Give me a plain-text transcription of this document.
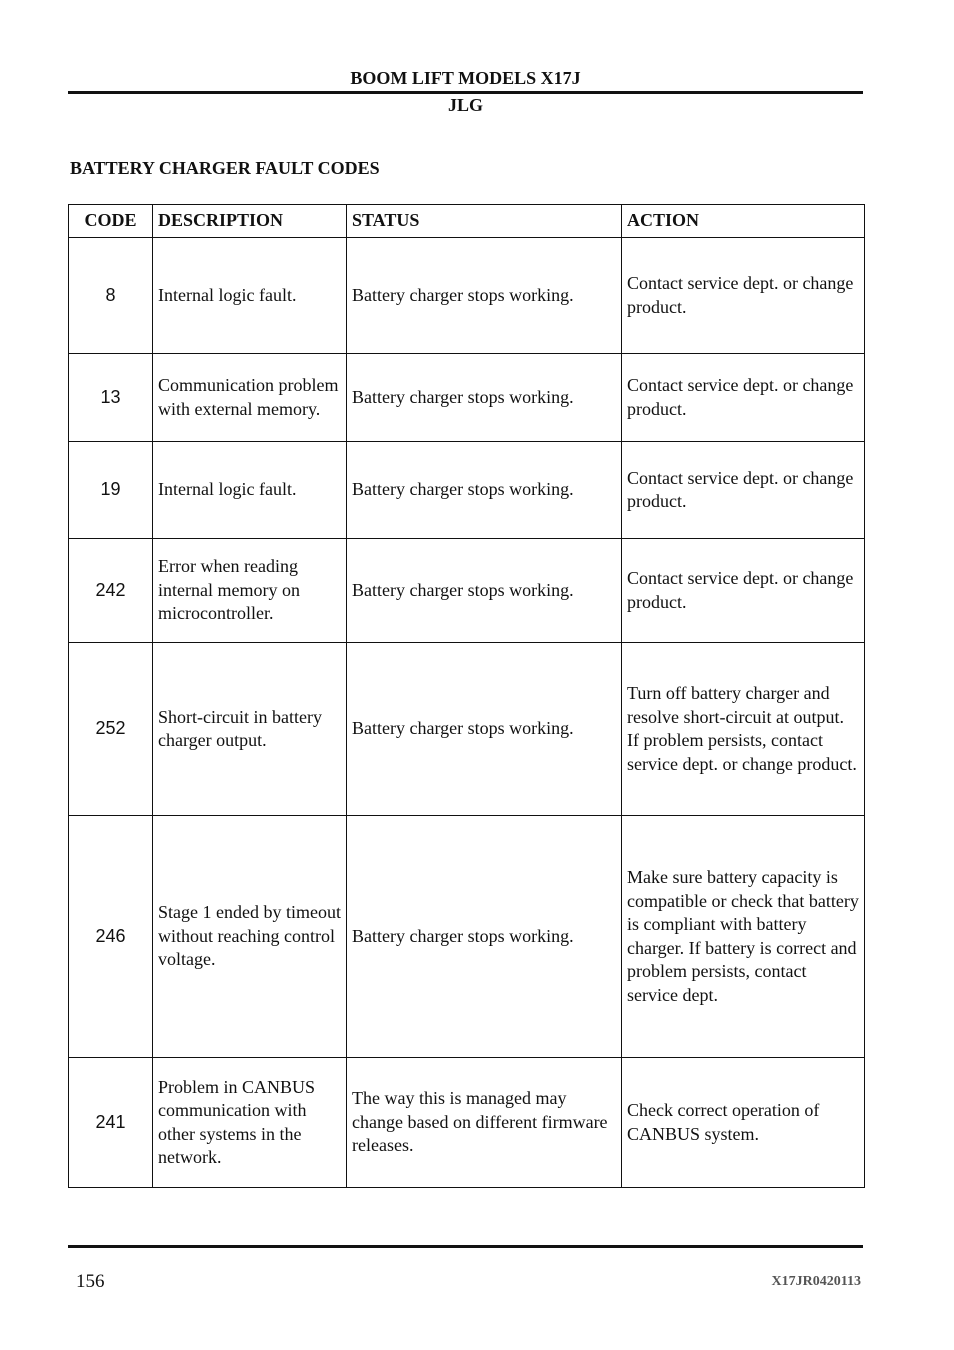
BOOM LIFT MODELS X17J
JLG
BATTERY CHARGER FAULT CODES
CODE	DESCRIPTION	STATUS	ACTION
8	Internal logic fault.	Battery charger stops working.	Contact service dept. or change product.
13	Communication problem with external memory.	Battery charger stops working.	Contact service dept. or change product.
19	Internal logic fault.	Battery charger stops working.	Contact service dept. or change product.
242	Error when reading internal memory on microcontroller.	Battery charger stops working.	Contact service dept. or change product.
252	Short-circuit in battery charger output.	Battery charger stops working.	Turn off battery charger and resolve short-circuit at output. If problem persists, contact service dept. or change product.
246	Stage 1 ended by timeout without reaching control voltage.	Battery charger stops working.	Make sure battery capacity is compatible or check that battery is compliant with battery charger. If battery is correct and problem persists, contact service dept.
241	Problem in CANBUS communication with other systems in the network.	The way this is managed may change based on different firmware releases.	Check correct operation of CANBUS system.
156	X17JR0420113
